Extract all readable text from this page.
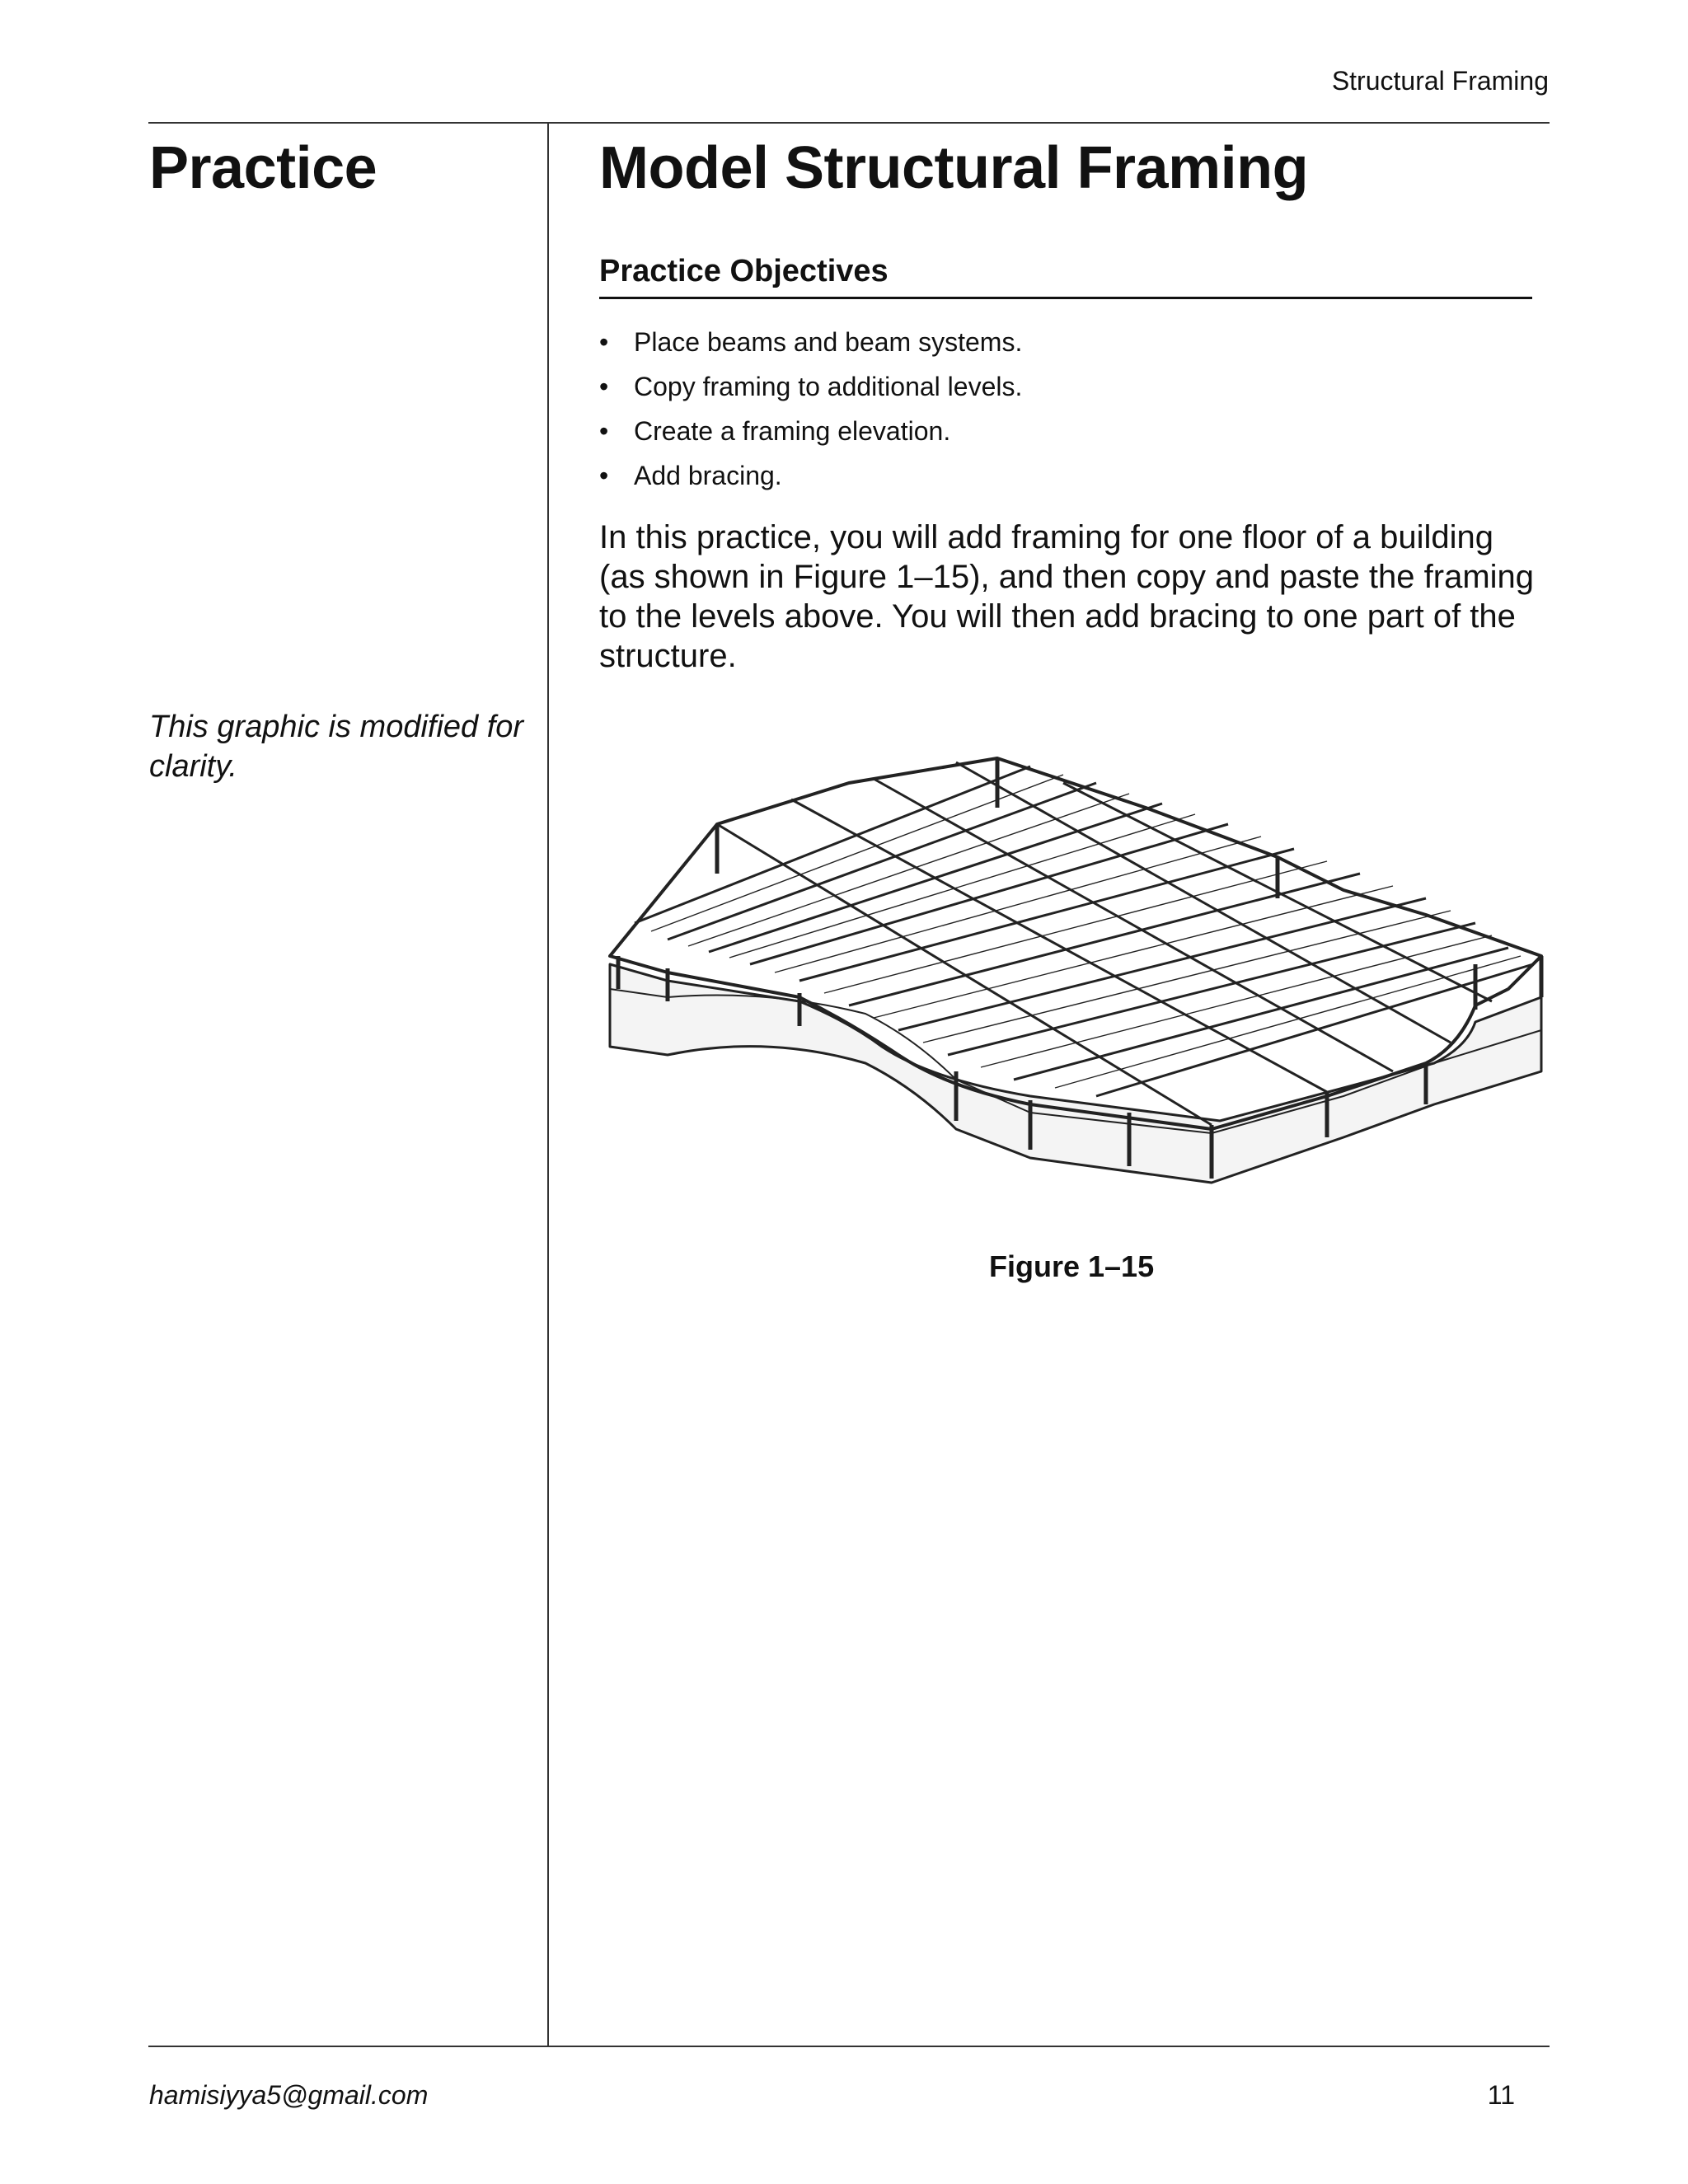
Structural Framing
Practice
This graphic is modified for clarity.
Model Structural Framing
Practice Objectives
• Place beams and beam systems.
• Copy framing to additional levels.
• Create a framing elevation.
• Add bracing.

In this practice, you will add framing for one floor of a building (as shown in Figure 1–15), and then copy and paste the framing to the levels above. You will then add bracing to one part of the structure.

Figure 1–15
hamisiyya5@gmail.com	11
